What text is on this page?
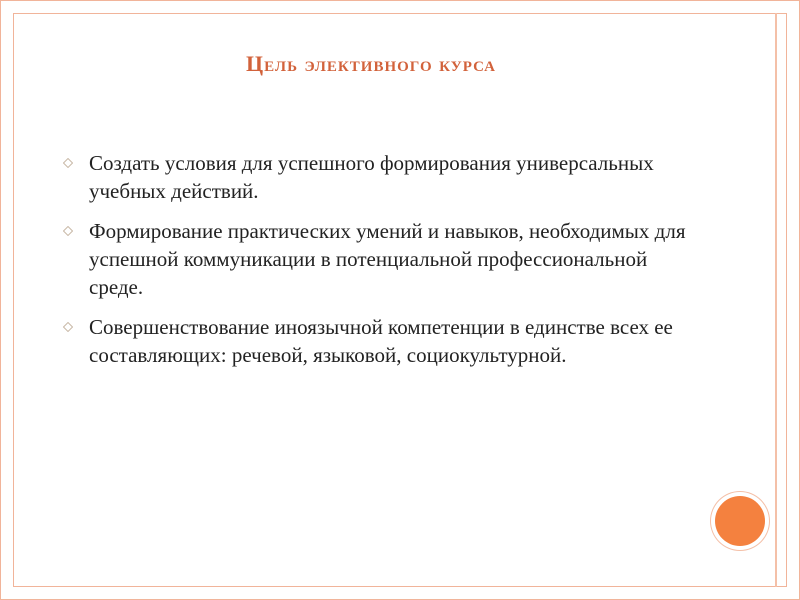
Цель элективного курса
Создать условия для успешного формирования универсальных учебных действий.
Формирование практических умений и навыков, необходимых для успешной коммуникации в потенциальной профессиональной среде.
Совершенствование иноязычной компетенции в единстве всех ее составляющих: речевой, языковой, социокультурной.
